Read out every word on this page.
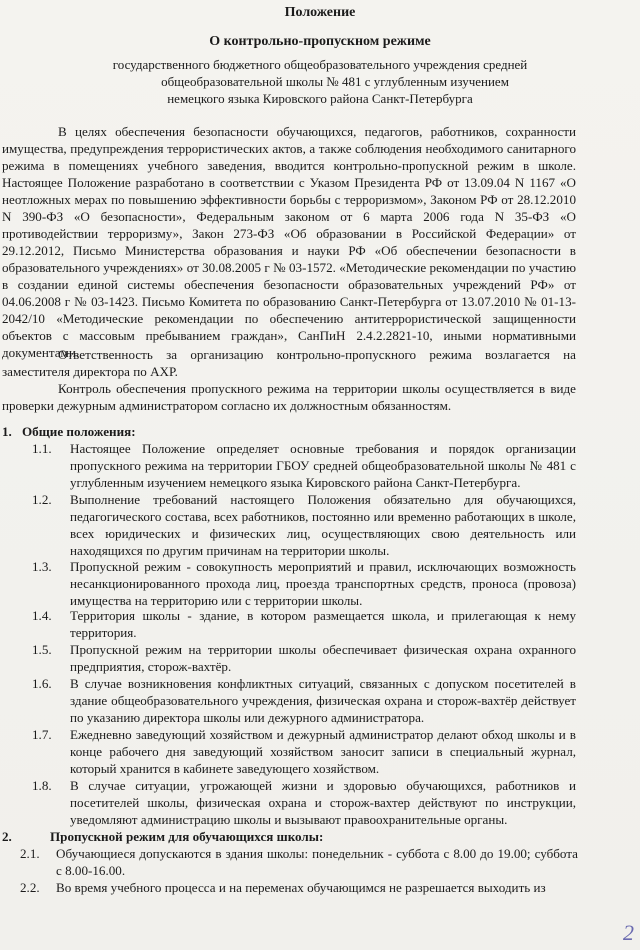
Положение
О контрольно-пропускном режиме
государственного бюджетного общеобразовательного учреждения средней
общеобразовательной школы № 481 с углубленным изучением
немецкого языка Кировского района Санкт-Петербурга

В целях обеспечения безопасности обучающихся, педагогов, работников, сохранности имущества, предупреждения террористических актов, а также соблюдения необходимого санитарного режима в помещениях учебного заведения, вводится контрольно-пропускной режим в школе. Настоящее Положение разработано в соответствии с Указом Президента РФ от 13.09.04 N 1167 «О неотложных мерах по повышению эффективности борьбы с терроризмом», Законом РФ от 28.12.2010 N 390-ФЗ «О безопасности», Федеральным законом от 6 марта 2006 года N 35-ФЗ «О противодействии терроризму», Закон 273-ФЗ «Об образовании в Российской Федерации» от 29.12.2012, Письмо Министерства образования и науки РФ «Об обеспечении безопасности в образовательного учреждениях» от 30.08.2005 г № 03-1572. «Методические рекомендации по участию в создании единой системы обеспечения безопасности образовательных учреждений РФ» от 04.06.2008 г № 03-1423. Письмо Комитета по образованию Санкт-Петербурга от 13.07.2010 № 01-13-2042/10 «Методические рекомендации по обеспечению антитеррористической защищенности объектов с массовым пребыванием граждан», СанПиН 2.4.2.2821-10, иными нормативными документами.

Ответственность за организацию контрольно-пропускного режима возлагается на заместителя директора по АХР.

Контроль обеспечения пропускного режима на территории школы осуществляется в виде проверки дежурным администратором согласно их должностным обязанностям.

1. Общие положения:
1.1. Настоящее Положение определяет основные требования и порядок организации пропускного режима на территории ГБОУ средней общеобразовательной школы № 481 с углубленным изучением немецкого языка Кировского района Санкт-Петербурга.

1.2. Выполнение требований настоящего Положения обязательно для обучающихся, педагогического состава, всех работников, постоянно или временно работающих в школе, всех юридических и физических лиц, осуществляющих свою деятельность или находящихся по другим причинам на территории школы.

1.3. Пропускной режим - совокупность мероприятий и правил, исключающих возможность несанкционированного прохода лиц, проезда транспортных средств, проноса (провоза) имущества на территорию или с территории школы.

1.4. Территория школы - здание, в котором размещается школа, и прилегающая к нему территория.

1.5. Пропускной режим на территории школы обеспечивает физическая охрана охранного предприятия, сторож-вахтёр.

1.6. В случае возникновения конфликтных ситуаций, связанных с допуском посетителей в здание общеобразовательного учреждения, физическая охрана и сторож-вахтёр действует по указанию директора школы или дежурного администратора.

1.7. Ежедневно заведующий хозяйством и дежурный администратор делают обход школы и в конце рабочего дня заведующий хозяйством заносит записи в специальный журнал, который хранится в кабинете заведующего хозяйством.

1.8. В случае ситуации, угрожающей жизни и здоровью обучающихся, работников и посетителей школы, физическая охрана и сторож-вахтер действуют по инструкции, уведомляют администрацию школы и вызывают правоохранительные органы.

2.	Пропускной режим для обучающихся школы:
2.1. Обучающиеся допускаются в здания школы: понедельник - суббота с 8.00 до 19.00; суббота с 8.00-16.00.

2.2. Во время учебного процесса и на переменах обучающимся не разрешается выходить из

2
